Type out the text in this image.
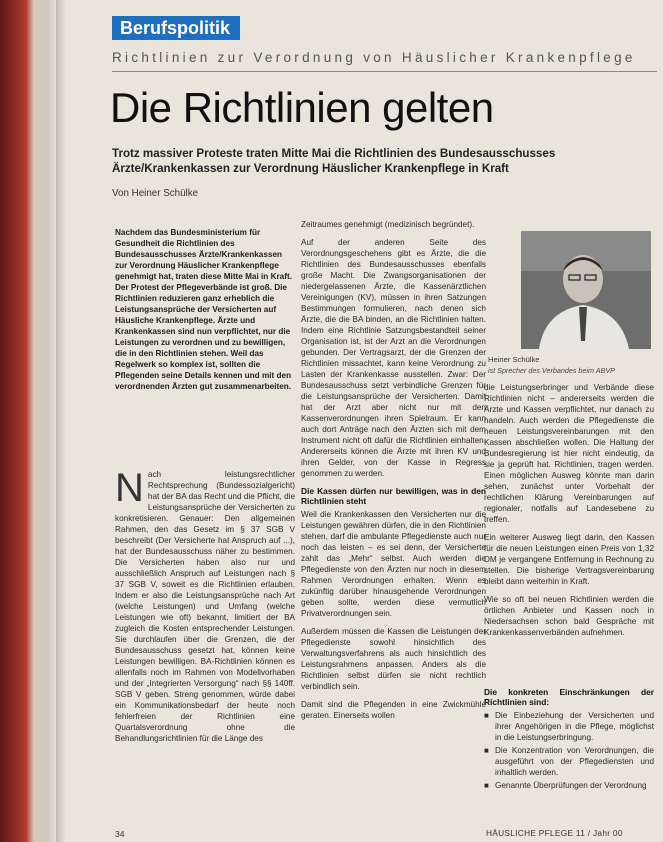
Berufspolitik
Richtlinien zur Verordnung von Häuslicher Krankenpflege
Die Richtlinien gelten
Trotz massiver Proteste traten Mitte Mai die Richtlinien des Bundesausschusses Ärzte/Krankenkassen zur Verordnung Häuslicher Krankenpflege in Kraft
Von Heiner Schülke

Nachdem das Bundesministerium für Gesundheit die Richtlinien des Bundesausschusses Ärzte/Krankenkassen zur Verordnung Häuslicher Krankenpflege genehmigt hat, traten diese Mitte Mai in Kraft. Der Protest der Pflegeverbände ist groß. Die Richtlinien reduzieren ganz erheblich die Leistungsansprüche der Versicherten auf Häusliche Krankenpflege. Ärzte und Krankenkassen sind nun verpflichtet, nur die Leistungen zu verordnen und zu bewilligen, die in den Richtlinien stehen. Weil das Regelwerk so komplex ist, sollten die Pflegenden seine Details kennen und mit den verordnenden Ärzten gut zusammenarbeiten.

N ach leistungsrechtlicher Rechtsprechung (Bundessozialgericht) hat der BA das Recht und die Pflicht, die Leistungsansprüche der Versicherten zu konkretisieren. Genauer: Den allgemeinen Rahmen, den das Gesetz im § 37 SGB V beschreibt (Der Versicherte hat Anspruch auf ...), hat der Bundesausschuss näher zu bestimmen. Die Versicherten haben also nur und ausschließlich Anspruch auf Leistungen nach § 37 SGB V, soweit es die Richtlinien erlauben. Indem er also die Leistungsansprüche nach Art (welche Leistungen) und Umfang (welche Leistungen wie oft) bekannt, limitiert der BA zugleich die Kosten entsprechender Leistungen. Sie durchlaufen über die Grenzen, die der Bundesausschuss gesetzt hat, können keine Leistungen bewilligen. BA-Richtlinien können es allenfalls noch im Rahmen von Modellvorhaben und der „Integrierten Versorgung“ nach §§ 140ff. SGB V geben. Streng genommen, würde dabei ein Kommunikationsbedarf der heute noch fehlerfreien der Richtlinien eine Quartalsverordnung ohne die Behandlungsrichtlinien für die Länge des

Zeitraumes genehmigt (medizinisch begründet).

Auf der anderen Seite des Verordnungsgeschehens gibt es Ärzte, die die Richtlinien des Bundesausschusses ebenfalls große Macht. Die Zwangsorganisationen der niedergelassenen Ärzte, die Kassenärztlichen Vereinigungen (KV), müssen in ihren Satzungen Bestimmungen formulieren, nach denen sich Ärzte, die die BA binden, an die Richtlinien halten. Indem eine Richtlinie Satzungsbestandteil seiner Organisation ist, ist der Arzt an die Verordnungen gebunden. Der Vertragsarzt, der die Grenzen der Richtlinien missachtet, kann keine Verordnung zu Lasten der Krankenkasse ausstellen. Zwar: Der Bundesausschuss setzt verbindliche Grenzen für die Leistungsansprüche der Versicherten. Damit hat der Arzt aber nicht nur mit den Kassenverordnungen ihren Spielraum. Er kann auch dort Anträge nach den Ärzten sich mit dem Instrument nicht oft dafür die Richtlinien einhalten. Andererseits können die Ärzte mit ihren KV und ihren Gelder, von der Kasse in Regress genommen zu werden.

Die Kassen dürfen nur bewilligen, was in den Richtlinien steht

Weil die Krankenkassen den Versicherten nur die Leistungen gewähren dürfen, die in den Richtlinien stehen, darf die ambulante Pflegedienste auch nur noch das leisten – es sei denn, der Versicherte zahlt das „Mehr“ selbst. Auch werden die Pflegedienste von den Ärzten nur noch in diesem Rahmen Verordnungen erhalten. Wenn es zukünftig darüber hinausgehende Verordnungen geben sollte, werden diese vermutlich Privatverordnungen sein.

Außerdem müssen die Kassen die Leistungen der Pflegedienste sowohl hinsichtlich des Verwaltungsverfahrens als auch hinsichtlich des Leistungsrahmens anpassen. Anders als die Richtlinien selbst dürfen sie nicht rechtlich verbindlich sein.

Damit sind die Pflegenden in eine Zwickmühle geraten. Einerseits wollen

Heiner Schülke
ist Sprecher des Verbandes beim ABVP

die Leistungserbringer und Verbände diese Richtlinien nicht – andererseits werden die Ärzte und Kassen verpflichtet, nur danach zu handeln. Auch werden die Pflegedienste die neuen Leistungsvereinbarungen mit den Kassen abschließen wollen. Die Haltung der Bundesregierung ist hier nicht eindeutig, da sie ja geprüft hat. Richtlinien, tragen werden. Einen möglichen Ausweg könnte man darin sehen, zunächst unter Vorbehalt der rechtlichen Klärung Vereinbarungen auf regionaler, notfalls auf Landesebene zu treffen.

Ein weiterer Ausweg liegt darin, den Kassen für die neuen Leistungen einen Preis von 1,32 DM je vergangene Entfernung in Rechnung zu stellen. Die bisherige Vertragsvereinbarung bleibt dann weiterhin in Kraft.

Wie so oft bei neuen Richtlinien werden die örtlichen Anbieter und Kassen noch in Niedersachsen schon bald Gespräche mit Krankenkassenverbänden aufnehmen.

Die konkreten Einschränkungen der Richtlinien sind:
■ Die Einbeziehung der Versicherten und ihrer Angehörigen in die Pflege, möglichst in die Leistungserbringung.
■ Die Konzentration von Verordnungen, die ausgeführt von der Pflegediensten und inhaltlich werden.
■ Genannte Überprüfungen der Verordnung
34	HÄUSLICHE PFLEGE 11 / Jahr 00
